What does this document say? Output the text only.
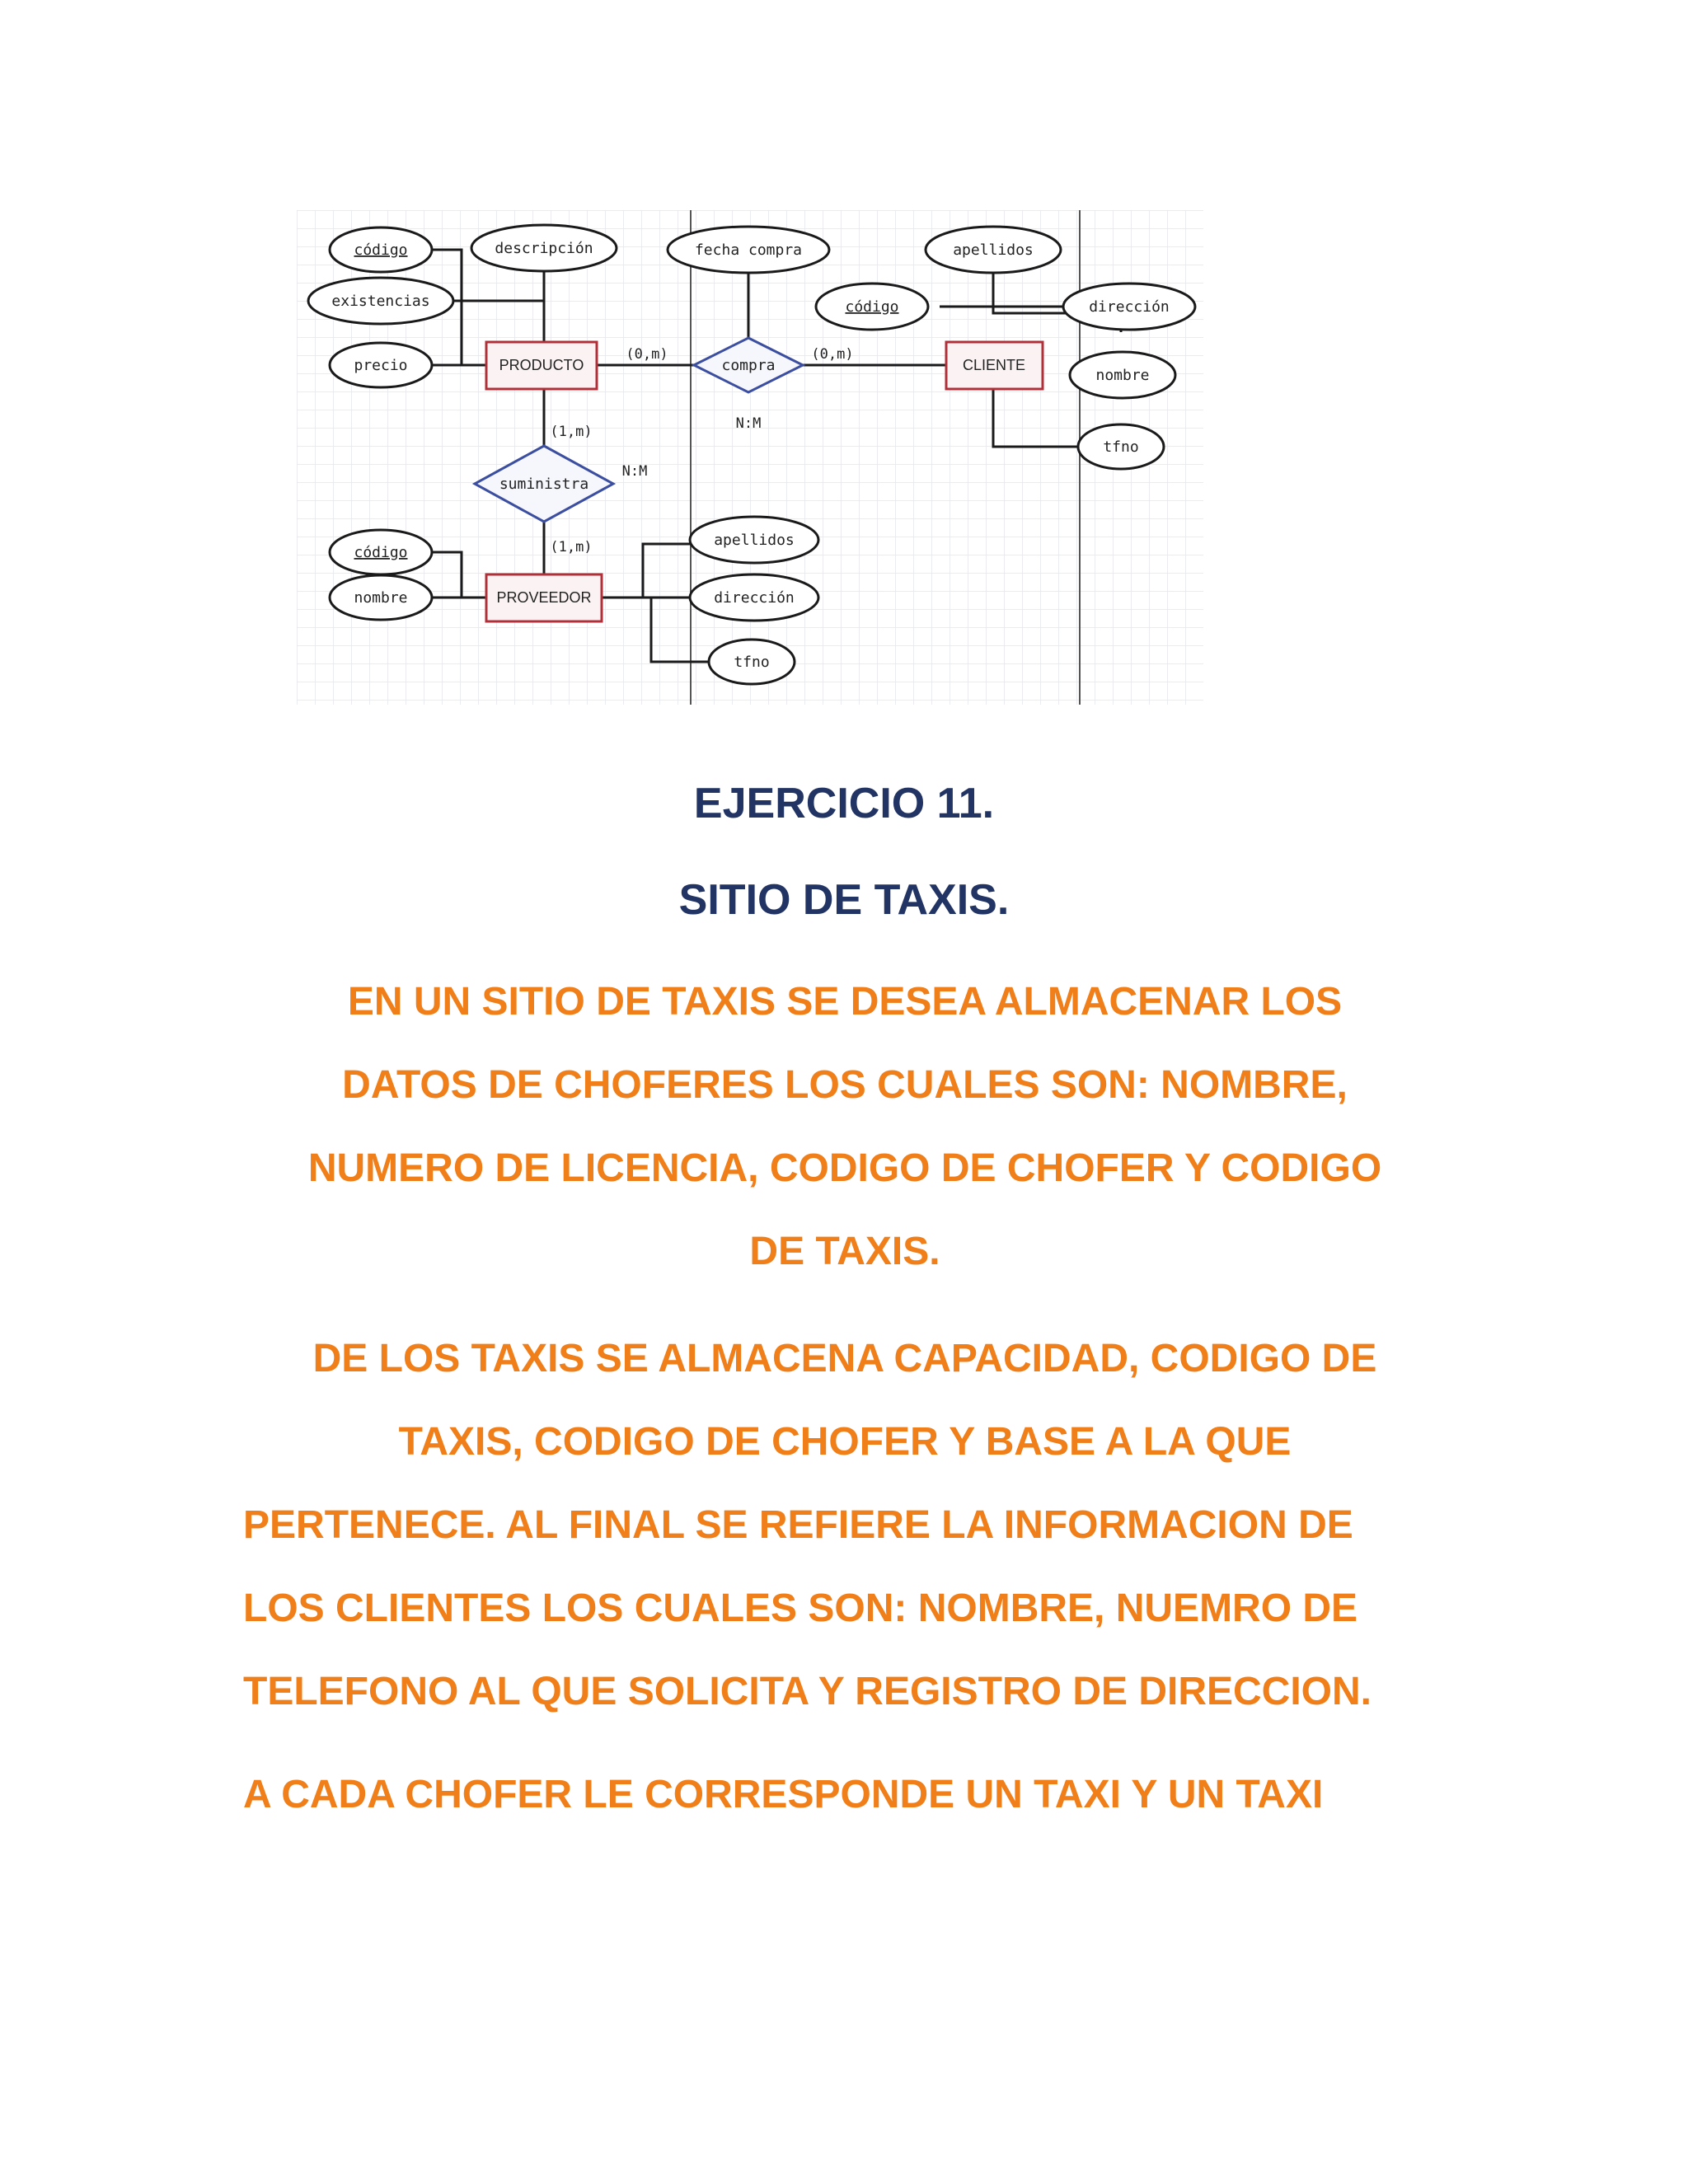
PRODUCTO	CLIENTE
PROVEEDOR
compra
suministra
código	descripción
existencias
precio
fecha compra	apellidos
código	dirección
nombre
tfno
código
nombre
apellidos
dirección
tfno
(0,m)	(0,m)
N:M
(1,m)
N:M
(1,m)
EJERCICIO 11.
SITIO DE TAXIS.
EN UN SITIO DE TAXIS SE DESEA ALMACENAR LOS
DATOS DE CHOFERES LOS CUALES SON: NOMBRE,
NUMERO DE LICENCIA, CODIGO DE CHOFER Y CODIGO
DE TAXIS.
DE LOS TAXIS SE ALMACENA CAPACIDAD, CODIGO DE
TAXIS, CODIGO DE CHOFER Y BASE A LA QUE
PERTENECE. AL FINAL SE REFIERE LA INFORMACION DE
LOS CLIENTES LOS CUALES SON: NOMBRE, NUEMRO DE
TELEFONO AL QUE SOLICITA Y REGISTRO DE DIRECCION.
A CADA CHOFER LE CORRESPONDE UN TAXI Y UN TAXI
